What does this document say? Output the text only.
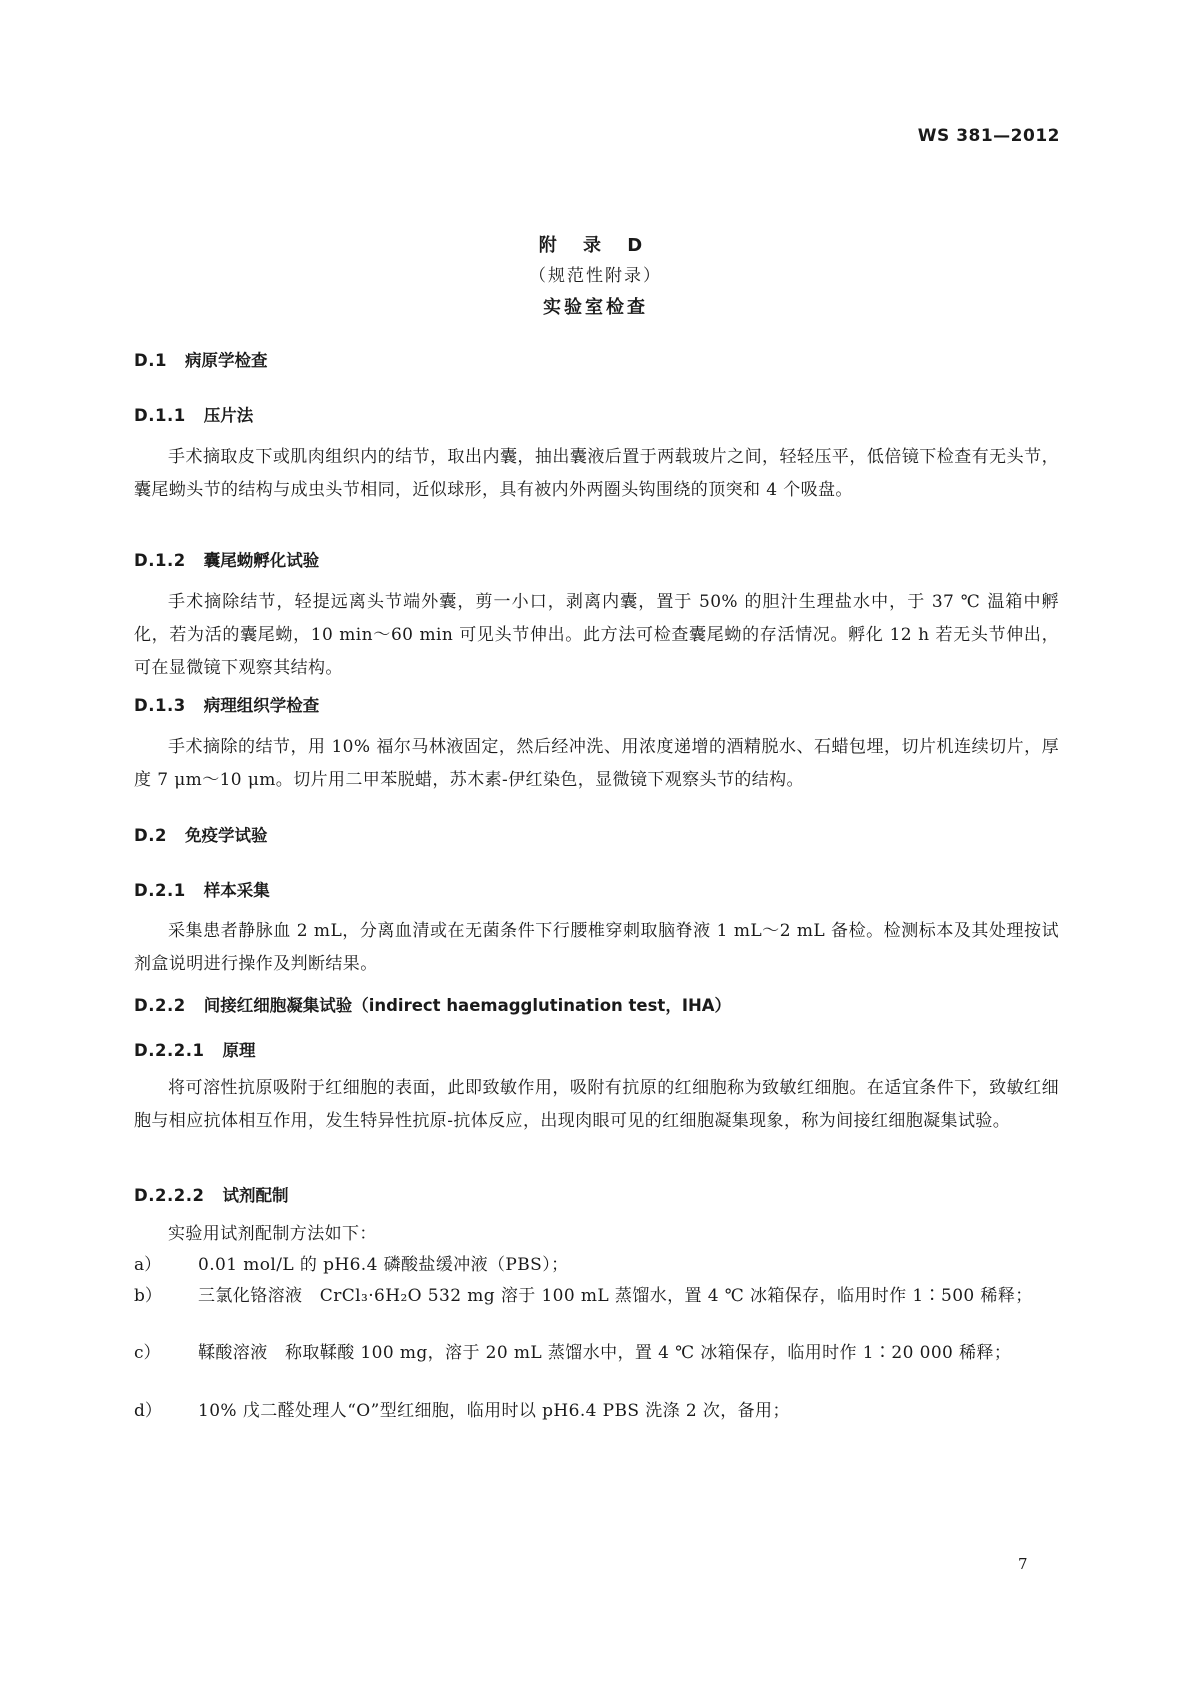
WS 381—2012
附 录 D
（规范性附录）
实验室检查
D.1 病原学检查
D.1.1 压片法

手术摘取皮下或肌肉组织内的结节，取出内囊，抽出囊液后置于两载玻片之间，轻轻压平，低倍镜下检查有无头节，囊尾蚴头节的结构与成虫头节相同，近似球形，具有被内外两圈头钩围绕的顶突和 4 个吸盘。

D.1.2 囊尾蚴孵化试验

手术摘除结节，轻提远离头节端外囊，剪一小口，剥离内囊，置于 50% 的胆汁生理盐水中，于 37 ℃ 温箱中孵化，若为活的囊尾蚴，10 min～60 min 可见头节伸出。此方法可检查囊尾蚴的存活情况。孵化 12 h 若无头节伸出，可在显微镜下观察其结构。

D.1.3 病理组织学检查

手术摘除的结节，用 10% 福尔马林液固定，然后经冲洗、用浓度递增的酒精脱水、石蜡包埋，切片机连续切片，厚度 7 μm～10 μm。切片用二甲苯脱蜡，苏木素-伊红染色，显微镜下观察头节的结构。

D.2 免疫学试验
D.2.1 样本采集

采集患者静脉血 2 mL，分离血清或在无菌条件下行腰椎穿刺取脑脊液 1 mL～2 mL 备检。检测标本及其处理按试剂盒说明进行操作及判断结果。

D.2.2 间接红细胞凝集试验（indirect haemagglutination test，IHA）
D.2.2.1 原理

将可溶性抗原吸附于红细胞的表面，此即致敏作用，吸附有抗原的红细胞称为致敏红细胞。在适宜条件下，致敏红细胞与相应抗体相互作用，发生特异性抗原-抗体反应，出现肉眼可见的红细胞凝集现象，称为间接红细胞凝集试验。

D.2.2.2 试剂配制

实验用试剂配制方法如下：

a） 0.01 mol/L 的 pH6.4 磷酸盐缓冲液（PBS）；
b） 三氯化铬溶液　CrCl₃·6H₂O 532 mg 溶于 100 mL 蒸馏水，置 4 ℃ 冰箱保存，临用时作 1∶500 稀释；
c） 鞣酸溶液　称取鞣酸 100 mg，溶于 20 mL 蒸馏水中，置 4 ℃ 冰箱保存，临用时作 1∶20 000 稀释；
d） 10% 戊二醛处理人“O”型红细胞，临用时以 pH6.4 PBS 洗涤 2 次，备用；
7
